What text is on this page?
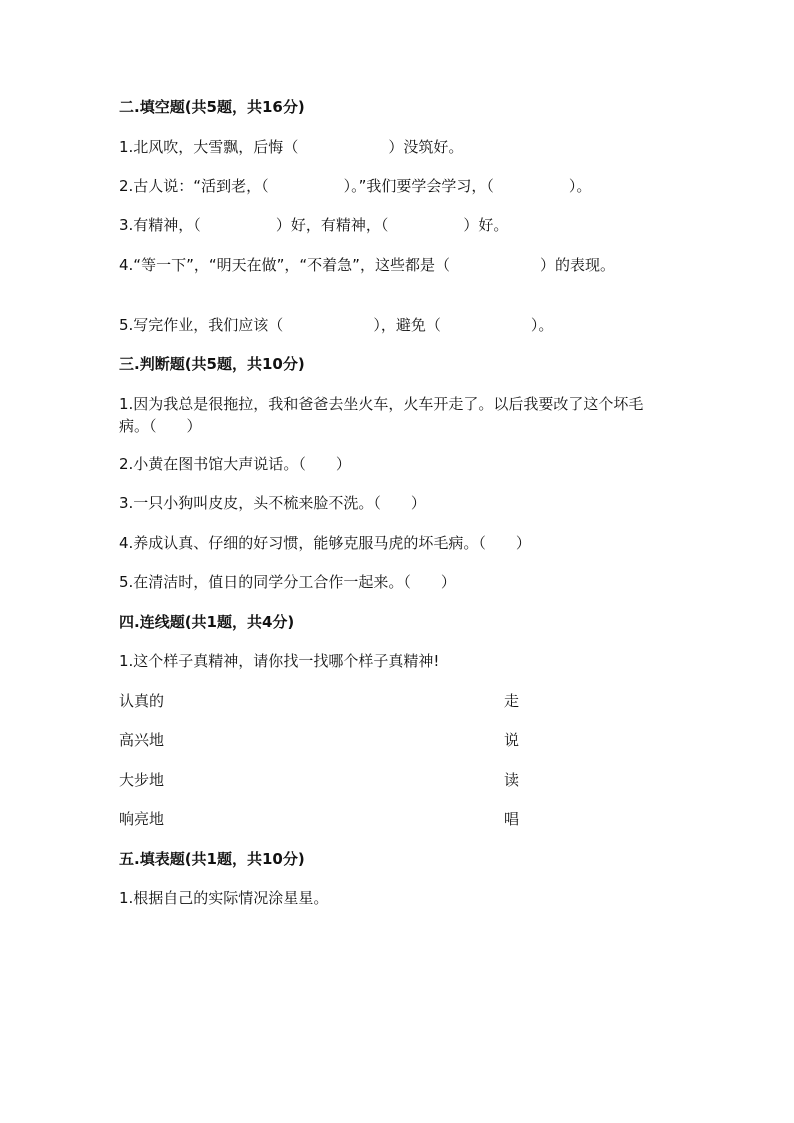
二.填空题(共5题，共16分)
1.北风吹，大雪飘，后悔（　　　　　　）没筑好。
2.古人说：“活到老，（　　　　　）。”我们要学会学习，（　　　　　）。
3.有精神，（　　　　　）好，有精神，（　　　　　）好。
4.“等一下”，“明天在做”，“不着急”，这些都是（　　　　　　）的表现。
5.写完作业，我们应该（　　　　　　），避免（　　　　　　）。
三.判断题(共5题，共10分)
1.因为我总是很拖拉，我和爸爸去坐火车，火车开走了。以后我要改了这个坏毛病。（　　）
2.小黄在图书馆大声说话。（　　）
3.一只小狗叫皮皮，头不梳来脸不洗。（　　）
4.养成认真、仔细的好习惯，能够克服马虎的坏毛病。（　　）
5.在清洁时，值日的同学分工合作一起来。（　　）
四.连线题(共1题，共4分)
1.这个样子真精神，请你找一找哪个样子真精神!
认真的	走
高兴地	说
大步地	读
响亮地	唱
五.填表题(共1题，共10分)
1.根据自己的实际情况涂星星。
